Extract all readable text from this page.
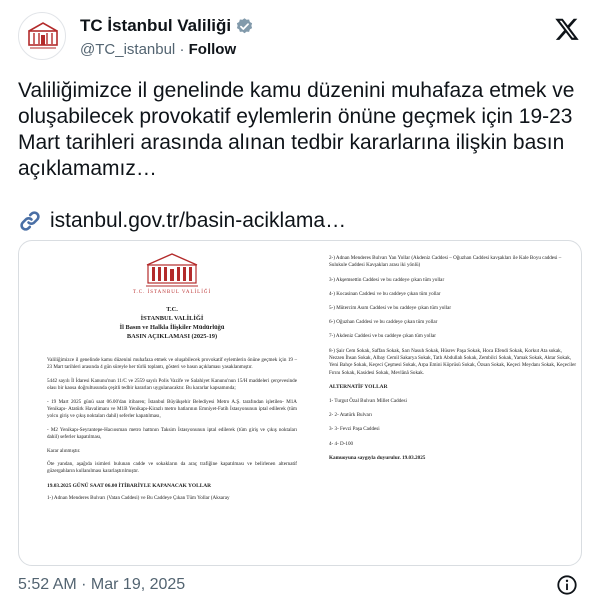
TC İstanbul Valiliği
@TC_istanbul · Follow
Valiliğimizce il genelinde kamu düzenini muhafaza etmek ve oluşabilecek provokatif eylemlerin önüne geçmek için 19-23 Mart tarihleri arasında alınan tedbir kararlarına ilişkin basın açıklamamız…
istanbul.gov.tr/basin-aciklama…
T.C. İSTANBUL VALİLİĞİ
T.C.
İSTANBUL VALİLİĞİ
İl Basın ve Halkla İlişkiler Müdürlüğü
BASIN AÇIKLAMASI (2025-19)
Valiliğimizce il genelinde kamu düzenini muhafaza etmek ve oluşabilecek provokatif eylemlerin önüne geçmek için 19 – 23 Mart tarihleri arasında 4 gün süreyle her türlü toplantı, gösteri ve basın açıklaması yasaklanmıştır.
5442 sayılı İl İdaresi Kanunu'nun 11/C ve 2559 sayılı Polis Vazife ve Salahiyet Kanunu'nun 15/H maddeleri çerçevesinde olası bir kaosa doğrultusunda çeşitli tedbir kararları uygulanacaktır. Bu kararlar kapsamında;
- 19 Mart 2025 günü saat 06.00'dan itibaren; İstanbul Büyükşehir Belediyesi Metro A.Ş. tarafından işletilen- M1A Yenikapı- Atatürk Havalimanı ve M1B Yenikapı-Kirazlı metro hatlarının Emniyet-Fatih İstasyonunun iptal edilerek (tüm yolcu giriş ve çıkış noktaları dahil) seferler kapatılması,
- M2 Yenikapı-Seyrantepe-Hacıosman metro hattının Taksim İstasyonunun iptal edilerek (tüm giriş ve çıkış noktaları dahil) seferler kapatılması,
Karar alınmıştır.
Öte yandan, aşağıda isimleri bulunan cadde ve sokakların da araç trafiğine kapatılması ve belirlenen alternatif güzergahların kullanılması kararlaştırılmıştır.
19.03.2025 GÜNÜ SAAT 06.00 İTİBARİYLE KAPANACAK YOLLAR
1-) Adnan Menderes Bulvarı (Vatan Caddesi) ve Bu Caddeye Çıkan Tüm Yollar (Aksaray
2-) Adnan Menderes Bulvarı Yan Yollar (Akdeniz Caddesi – Oğuzhan Caddesi kavşakları ile Kale Boyu caddesi – Sulukule Caddesi Kavşakları arası iki yönlü)
3-) Akşemsettin Caddesi ve bu caddeye çıkan tüm yollar
4-) Kocasinan Caddesi ve bu caddeye çıkan tüm yollar
5-) Mütercim Asım Caddesi ve bu caddeye çıkan tüm yollar
6-) Oğuzhan Caddesi ve bu caddeye çıkan tüm yollar
7-) Akdeniz Caddesi ve bu caddeye çıkan tüm yollar
8-) Şair Cem Sokak, Saffan Sokak, Sarı Nasuh Sokak, Hüsrev Paşa Sokak, Hoca Efendi Sokak, Korkut Ata sokak, Nezzen İhsan Sokak, Albay Cemil Sakarya Sokak, Tatlı Abdullah Sokak, Zembilci Sokak, Yamak Sokak, Aktar Sokak, Yeni Bahçe Sokak, Keçeci Çeşmesi Sokak, Arpa Emini Köprüsü Sokak, Özsan Sokak, Keçeci Meydanı Sokak, Keçeciler Fırını Sokak, Kasidesi Sokak, Mevlânâ Sokak.
ALTERNATİF YOLLAR
1- Turgut Özal Bulvarı Millet Caddesi
2- 2- Atatürk Bulvarı
3- 3- Fevzi Paşa Caddesi
4- 4- D-100
Kamuoyuna saygıyla duyurulur. 19.03.2025
5:52 AM · Mar 19, 2025
